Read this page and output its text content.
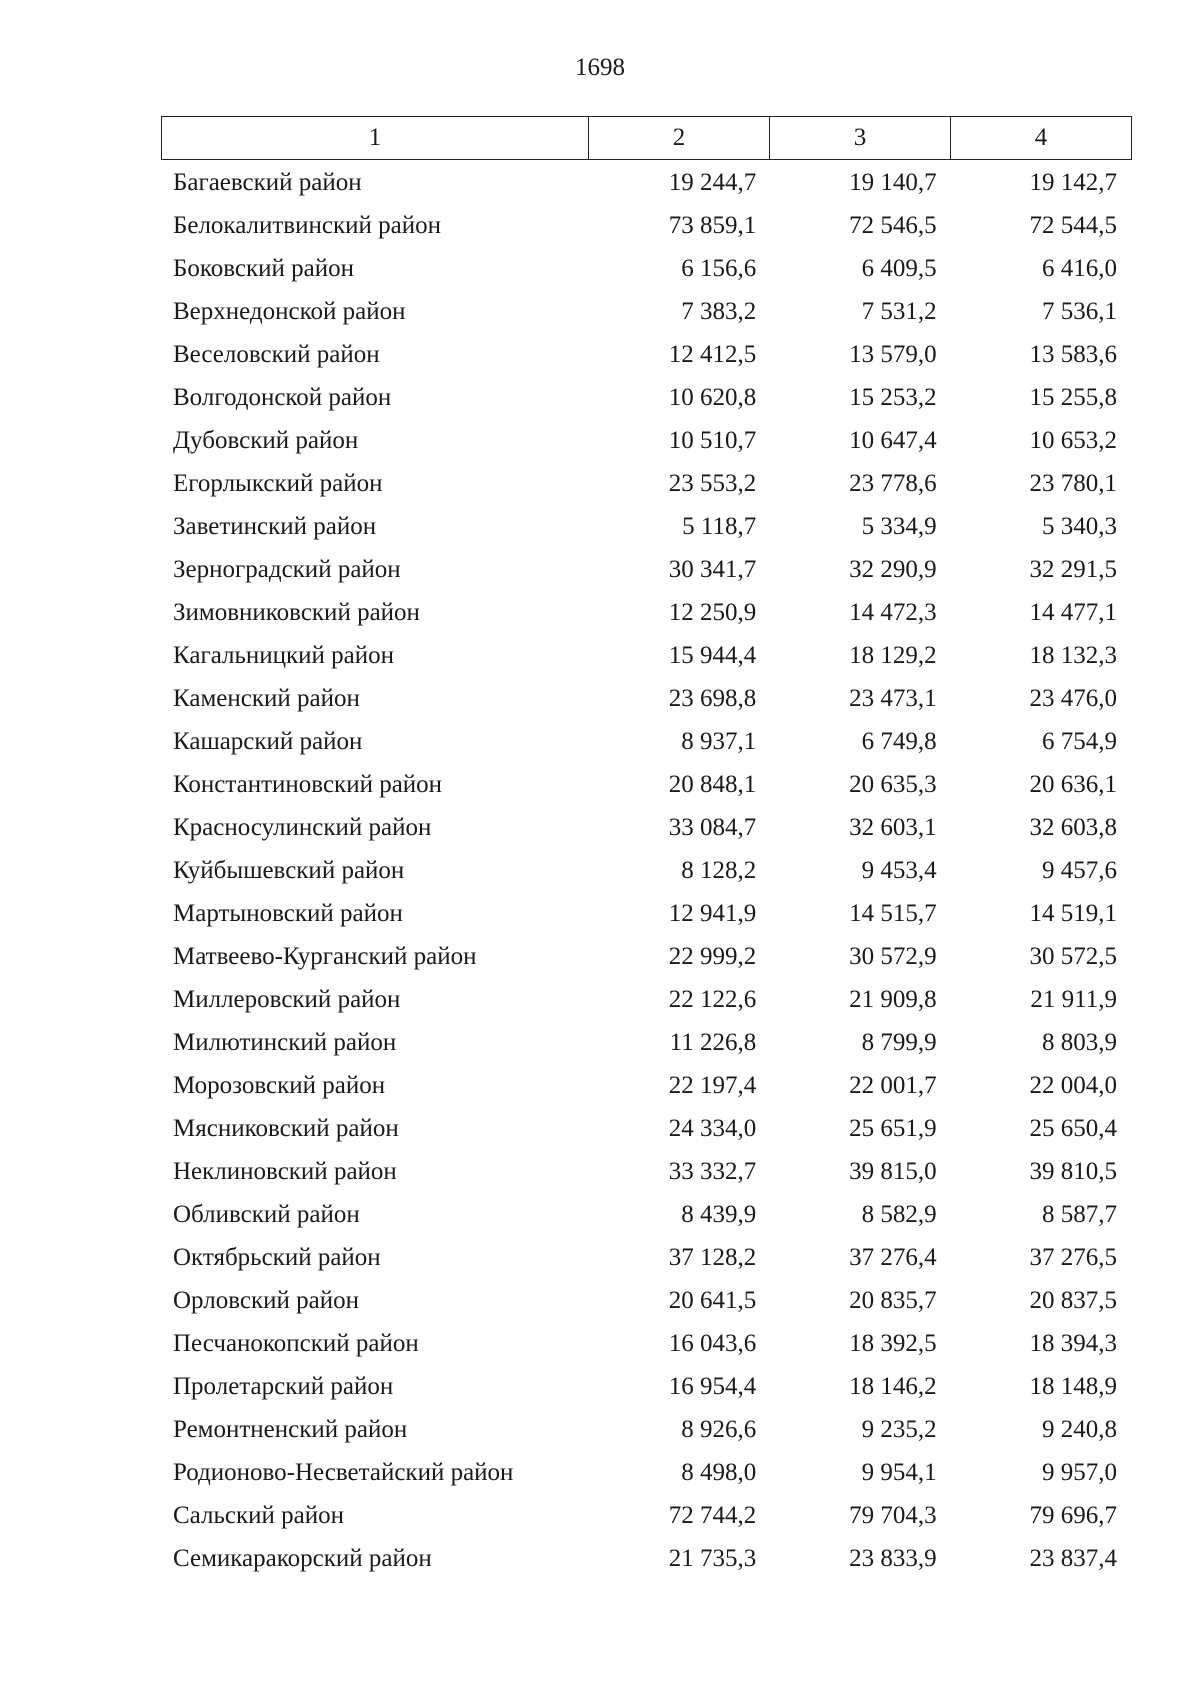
1698
1	2	3	4
Багаевский район	19 244,7	19 140,7	19 142,7
Белокалитвинский район	73 859,1	72 546,5	72 544,5
Боковский район	6 156,6	6 409,5	6 416,0
Верхнедонской район	7 383,2	7 531,2	7 536,1
Веселовский район	12 412,5	13 579,0	13 583,6
Волгодонской район	10 620,8	15 253,2	15 255,8
Дубовский район	10 510,7	10 647,4	10 653,2
Егорлыкский район	23 553,2	23 778,6	23 780,1
Заветинский район	5 118,7	5 334,9	5 340,3
Зерноградский район	30 341,7	32 290,9	32 291,5
Зимовниковский район	12 250,9	14 472,3	14 477,1
Кагальницкий район	15 944,4	18 129,2	18 132,3
Каменский район	23 698,8	23 473,1	23 476,0
Кашарский район	8 937,1	6 749,8	6 754,9
Константиновский район	20 848,1	20 635,3	20 636,1
Красносулинский район	33 084,7	32 603,1	32 603,8
Куйбышевский район	8 128,2	9 453,4	9 457,6
Мартыновский район	12 941,9	14 515,7	14 519,1
Матвеево-Курганский район	22 999,2	30 572,9	30 572,5
Миллеровский район	22 122,6	21 909,8	21 911,9
Милютинский район	11 226,8	8 799,9	8 803,9
Морозовский район	22 197,4	22 001,7	22 004,0
Мясниковский район	24 334,0	25 651,9	25 650,4
Неклиновский район	33 332,7	39 815,0	39 810,5
Обливский район	8 439,9	8 582,9	8 587,7
Октябрьский район	37 128,2	37 276,4	37 276,5
Орловский район	20 641,5	20 835,7	20 837,5
Песчанокопский район	16 043,6	18 392,5	18 394,3
Пролетарский район	16 954,4	18 146,2	18 148,9
Ремонтненский район	8 926,6	9 235,2	9 240,8
Родионово-Несветайский район	8 498,0	9 954,1	9 957,0
Сальский район	72 744,2	79 704,3	79 696,7
Семикаракорский район	21 735,3	23 833,9	23 837,4
